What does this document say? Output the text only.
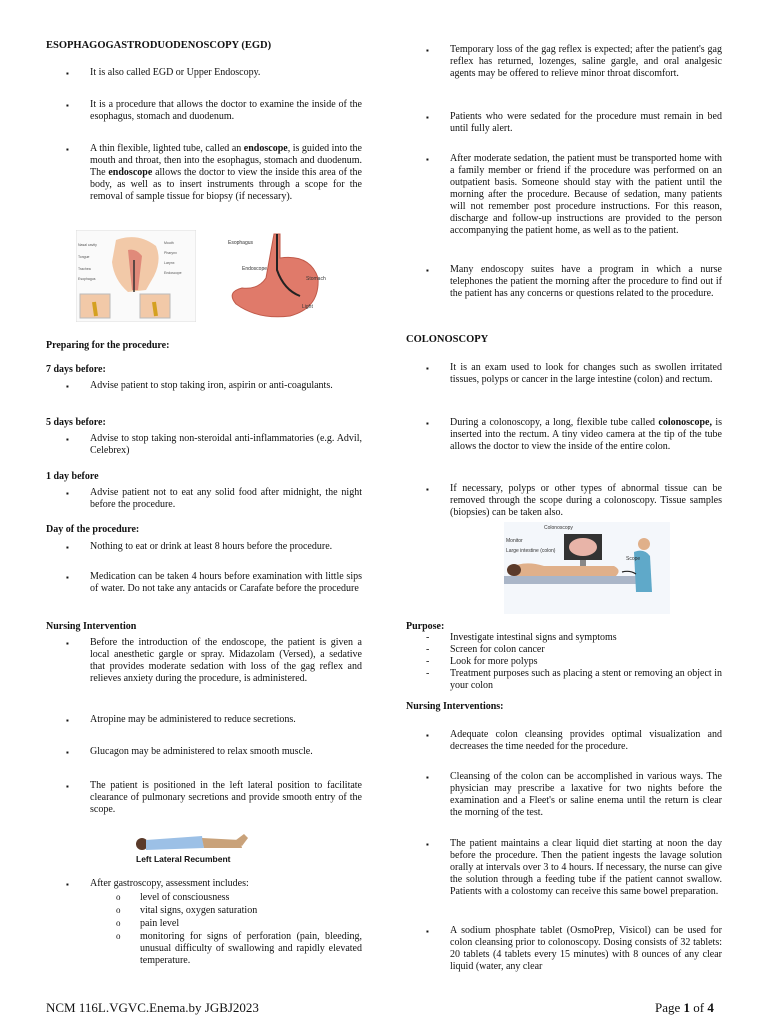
ESOPHAGOGASTRODUODENOSCOPY (EGD)
▪ It is also called EGD or Upper Endoscopy.
▪ It is a procedure that allows the doctor to examine the inside of the esophagus, stomach and duodenum.
▪ A thin flexible, lighted tube, called an endoscope, is guided into the mouth and throat, then into the esophagus, stomach and duodenum. The endoscope allows the doctor to view the inside this area of the body, as well as to insert instruments through a scope for the removal of sample tissue for biopsy (if necessary).
Nasal cavity
Tongue
Trachea
Esophagus
Mouth
Pharynx
Larynx
Endoscope
Esophagus
Endoscope
Stomach
Light
Preparing for the procedure:
7 days before:
▪ Advise patient to stop taking iron, aspirin or anti-coagulants.
5 days before:
▪ Advise to stop taking non-steroidal anti-inflammatories (e.g. Advil, Celebrex)
1 day before
▪ Advise patient not to eat any solid food after midnight, the night before the procedure.
Day of the procedure:
▪ Nothing to eat or drink at least 8 hours before the procedure.
▪ Medication can be taken 4 hours before examination with little sips of water. Do not take any antacids or Carafate before the procedure
Nursing Intervention
▪ Before the introduction of the endoscope, the patient is given a local anesthetic gargle or spray. Midazolam (Versed), a sedative that provides moderate sedation with loss of the gag reflex and relieves anxiety during the procedure, is administered.
▪ Atropine may be administered to reduce secretions.
▪ Glucagon may be administered to relax smooth muscle.
▪ The patient is positioned in the left lateral position to facilitate clearance of pulmonary secretions and provide smooth entry of the scope.
Left Lateral Recumbent
▪ After gastroscopy, assessment includes:
o level of consciousness
o vital signs, oxygen saturation
o pain level
o monitoring for signs of perforation (pain, bleeding, unusual difficulty of swallowing and rapidly elevated temperature.
▪ Temporary loss of the gag reflex is expected; after the patient's gag reflex has returned, lozenges, saline gargle, and oral analgesic agents may be offered to relieve minor throat discomfort.
▪ Patients who were sedated for the procedure must remain in bed until fully alert.
▪ After moderate sedation, the patient must be transported home with a family member or friend if the procedure was performed on an outpatient basis. Someone should stay with the patient until the morning after the procedure. Because of sedation, many patients will not remember post procedure instructions. For this reason, discharge and follow-up instructions are provided to the person accompanying the patient home, as well as to the patient.
▪ Many endoscopy suites have a program in which a nurse telephones the patient the morning after the procedure to find out if the patient has any concerns or questions related to the procedure.
COLONOSCOPY
▪ It is an exam used to look for changes such as swollen irritated tissues, polyps or cancer in the large intestine (colon) and rectum.
▪ During a colonoscopy, a long, flexible tube called colonoscope, is inserted into the rectum. A tiny video camera at the tip of the tube allows the doctor to view the inside of the entire colon.
▪ If necessary, polyps or other types of abnormal tissue can be removed through the scope during a colonoscopy. Tissue samples (biopsies) can be taken also.
Colonoscopy
Monitor
Large intestine (colon)
Scope
Purpose:
- Investigate intestinal signs and symptoms
- Screen for colon cancer
- Look for more polyps
- Treatment purposes such as placing a stent or removing an object in your colon
Nursing Interventions:
▪ Adequate colon cleansing provides optimal visualization and decreases the time needed for the procedure.
▪ Cleansing of the colon can be accomplished in various ways. The physician may prescribe a laxative for two nights before the examination and a Fleet's or saline enema until the return is clear the morning of the test.
▪ The patient maintains a clear liquid diet starting at noon the day before the procedure. Then the patient ingests the lavage solution orally at intervals over 3 to 4 hours. If necessary, the nurse can give the solution through a feeding tube if the patient cannot swallow. Patients with a colostomy can receive this same bowel preparation.
▪ A sodium phosphate tablet (OsmoPrep, Visicol) can be used for colon cleansing prior to colonoscopy. Dosing consists of 32 tablets: 20 tablets (4 tablets every 15 minutes) with 8 ounces of any clear liquid (water, any clear
NCM 116L.VGVC.Enema.by JGBJ2023	Page 1 of 4
